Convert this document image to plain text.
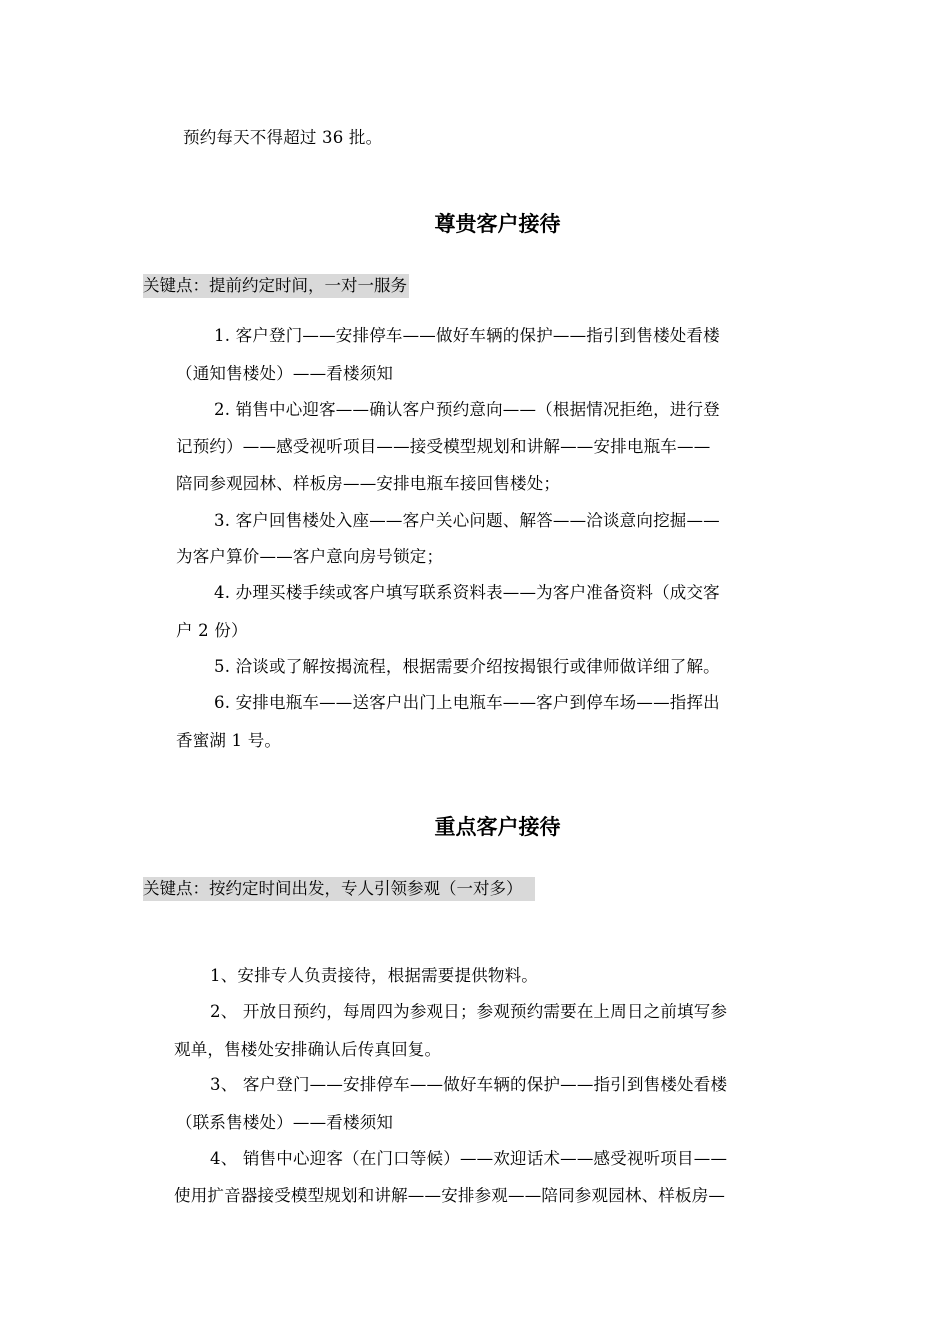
预约每天不得超过 36 批。
尊贵客户接待
关键点：提前约定时间，一对一服务
1. 客户登门——安排停车——做好车辆的保护——指引到售楼处看楼
（通知售楼处）——看楼须知
2. 销售中心迎客——确认客户预约意向——（根据情况拒绝，进行登
记预约）——感受视听项目——接受模型规划和讲解——安排电瓶车——
陪同参观园林、样板房——安排电瓶车接回售楼处；
3. 客户回售楼处入座——客户关心问题、解答——洽谈意向挖掘——
为客户算价——客户意向房号锁定；
4. 办理买楼手续或客户填写联系资料表——为客户准备资料（成交客
户 2 份）
5. 洽谈或了解按揭流程，根据需要介绍按揭银行或律师做详细了解。
6. 安排电瓶车——送客户出门上电瓶车——客户到停车场——指挥出
香蜜湖 1 号。
重点客户接待
关键点：按约定时间出发，专人引领参观（一对多）
1、安排专人负责接待，根据需要提供物料。
2、 开放日预约，每周四为参观日；参观预约需要在上周日之前填写参
观单，售楼处安排确认后传真回复。
3、 客户登门——安排停车——做好车辆的保护——指引到售楼处看楼
（联系售楼处）——看楼须知
4、 销售中心迎客（在门口等候）——欢迎话术——感受视听项目——
使用扩音器接受模型规划和讲解——安排参观——陪同参观园林、样板房—
